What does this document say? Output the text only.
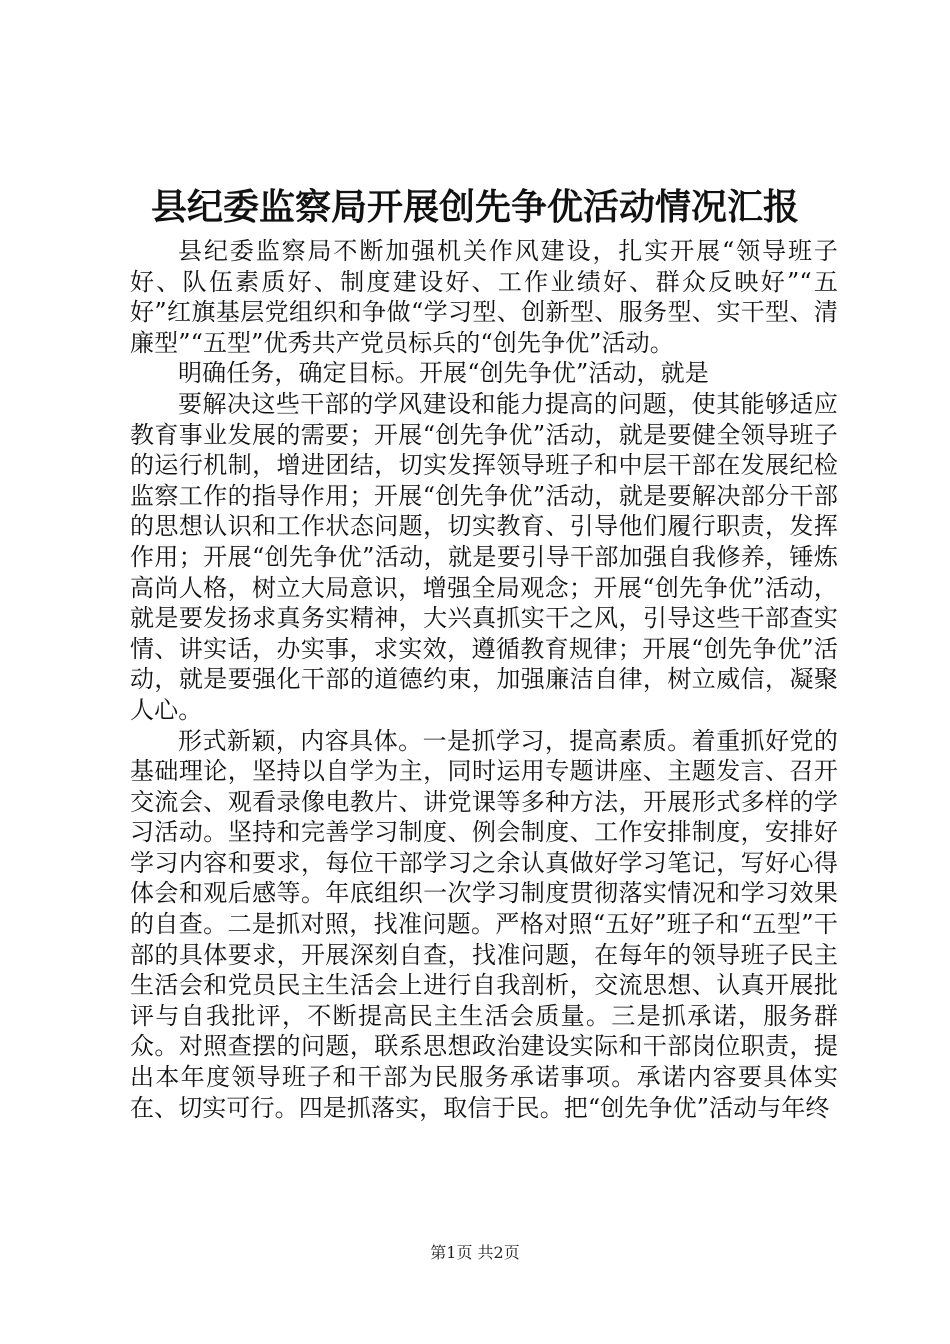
县纪委监察局开展创先争优活动情况汇报

县纪委监察局不断加强机关作风建设，扎实开展“领导班子好、队伍素质好、制度建设好、工作业绩好、群众反映好”“五好”红旗基层党组织和争做“学习型、创新型、服务型、实干型、清廉型”“五型”优秀共产党员标兵的“创先争优”活动。

明确任务，确定目标。开展“创先争优”活动，就是

要解决这些干部的学风建设和能力提高的问题，使其能够适应教育事业发展的需要；开展“创先争优”活动，就是要健全领导班子的运行机制，增进团结，切实发挥领导班子和中层干部在发展纪检监察工作的指导作用；开展“创先争优”活动，就是要解决部分干部的思想认识和工作状态问题，切实教育、引导他们履行职责，发挥作用；开展“创先争优”活动，就是要引导干部加强自我修养，锤炼高尚人格，树立大局意识，增强全局观念；开展“创先争优”活动，就是要发扬求真务实精神，大兴真抓实干之风，引导这些干部查实情、讲实话，办实事，求实效，遵循教育规律；开展“创先争优”活动，就是要强化干部的道德约束，加强廉洁自律，树立威信，凝聚人心。

形式新颖，内容具体。一是抓学习，提高素质。着重抓好党的基础理论，坚持以自学为主，同时运用专题讲座、主题发言、召开交流会、观看录像电教片、讲党课等多种方法，开展形式多样的学习活动。坚持和完善学习制度、例会制度、工作安排制度，安排好学习内容和要求，每位干部学习之余认真做好学习笔记，写好心得体会和观后感等。年底组织一次学习制度贯彻落实情况和学习效果的自查。二是抓对照，找准问题。严格对照“五好”班子和“五型”干部的具体要求，开展深刻自查，找准问题，在每年的领导班子民主生活会和党员民主生活会上进行自我剖析，交流思想、认真开展批评与自我批评，不断提高民主生活会质量。三是抓承诺，服务群众。对照查摆的问题，联系思想政治建设实际和干部岗位职责，提出本年度领导班子和干部为民服务承诺事项。承诺内容要具体实在、切实可行。四是抓落实，取信于民。把“创先争优”活动与年终

第1页 共2页
